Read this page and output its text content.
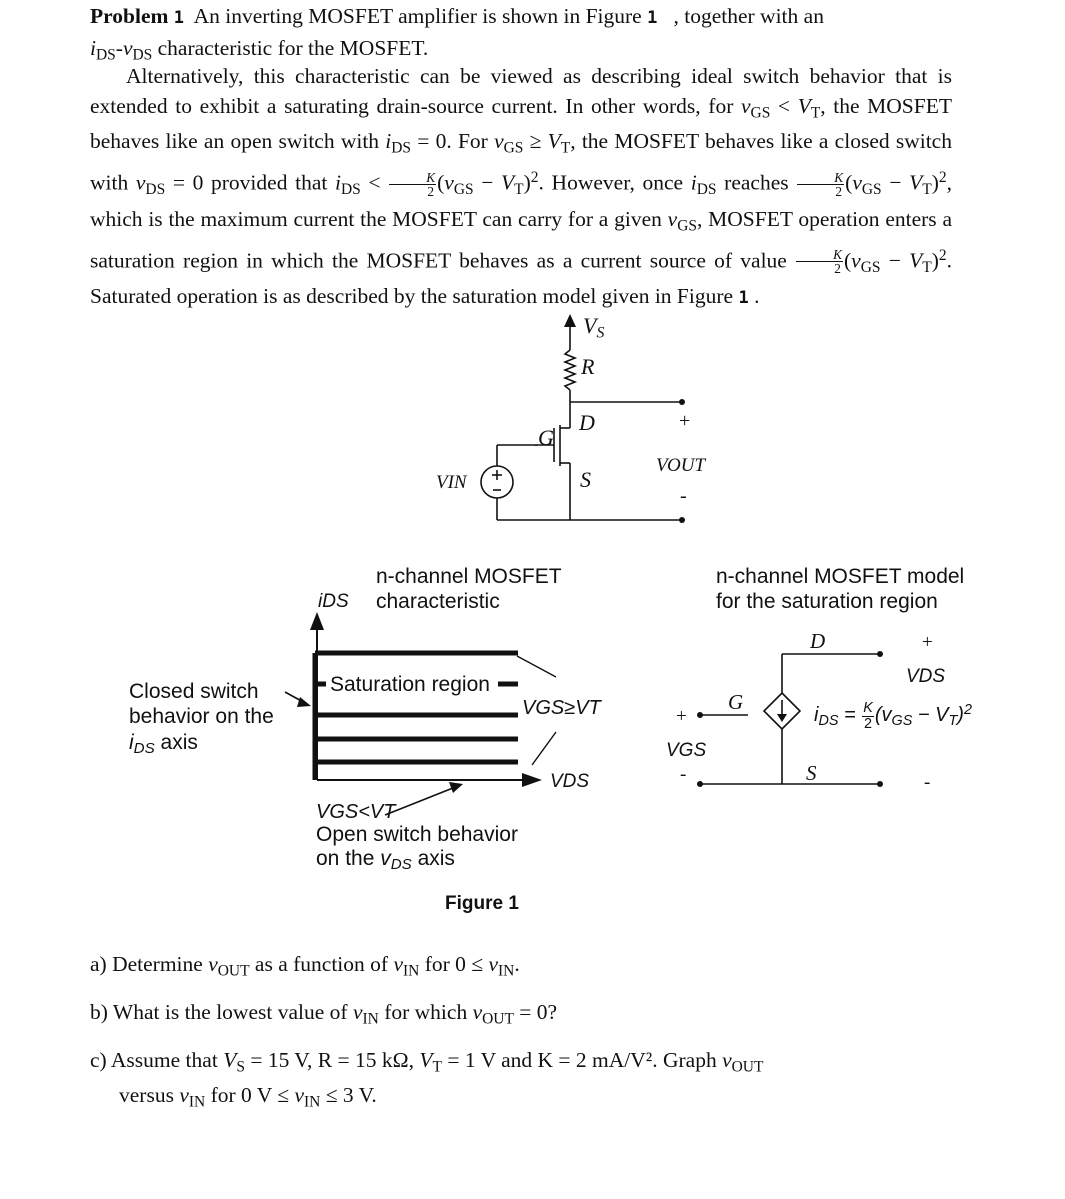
Problem 1 An inverting MOSFET amplifier is shown in Figure 1 , together with an
$i_{DS}-v_{DS}$ characteristic for the MOSFET.
Alternatively, this characteristic can be viewed as describing ideal switch behavior that is extended to exhibit a saturating drain-source current. In other words, for $v_{GS} < V_T$, the MOSFET behaves like an open switch with $i_{DS} = 0$. For $v_{GS} \ge V_T$, the MOSFET behaves like a closed switch with $v_{DS} = 0$ provided that $i_{DS} < \frac{K}{2} (v_{GS} - V_T)^2$. However, once $i_{DS}$ reaches $\frac{K}{2} (v_{GS} - V_T)^2$, which is the maximum current the MOSFET can carry for a given $v_{GS}$, MOSFET operation enters a saturation region in which the MOSFET behaves as a current source of value $\frac{K}{2} (v_{GS} - V_T)^2$. Saturated operation is as described by the saturation model given in Figure 1 .
$V_S$
R
D
G
S
+
VOUT
-
VIN
n-channel MOSFET
iDS characteristic
Saturation region
VGS≥VT
VDS
VGS<VT
Open switch behavior
on the $v_{DS}$ axis
Closed switch
behavior on the
$i_{DS}$ axis
n-channel MOSFET model
for the saturation region
D	+
VDS
G
+
VGS
-	S	-
$i_{DS} = \frac{K}{2} (v_{GS} - V_T)^2$
Figure 1
a) Determine $v_{OUT}$ as a function of $v_{IN}$ for $0 \le v_{IN}$.
b) What is the lowest value of $v_{IN}$ for which $v_{OUT} = 0$?
c) Assume that $V_S = 15$ V, R = 15 kΩ, $V_T = 1$ V and K = 2 mA/V². Graph $v_{OUT}$
versus $v_{IN}$ for 0 $V \le v_{IN} \le 3$ V.
